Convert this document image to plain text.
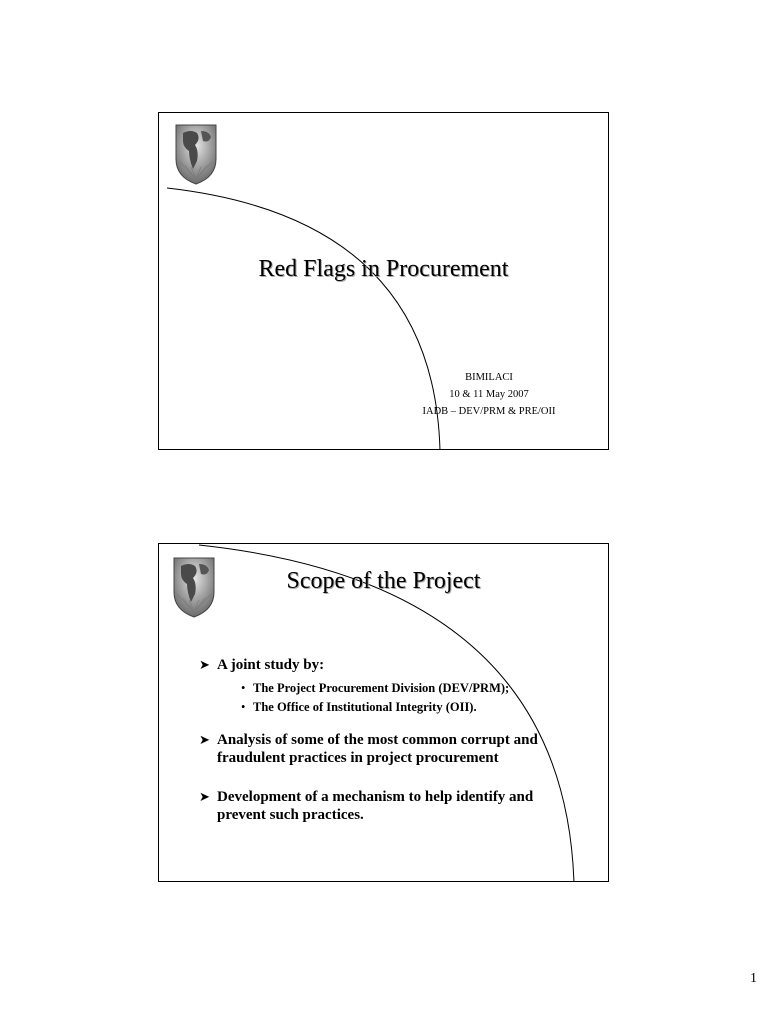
Red Flags in Procurement
BIMILACI
10 & 11 May 2007
IADB – DEV/PRM & PRE/OII
Scope of the Project
➤ A joint study by:
• The Project Procurement Division (DEV/PRM);
• The Office of Institutional Integrity (OII).
➤ Analysis of some of the most common corrupt and fraudulent practices in project procurement
➤ Development of a mechanism to help identify and prevent such practices.
1
